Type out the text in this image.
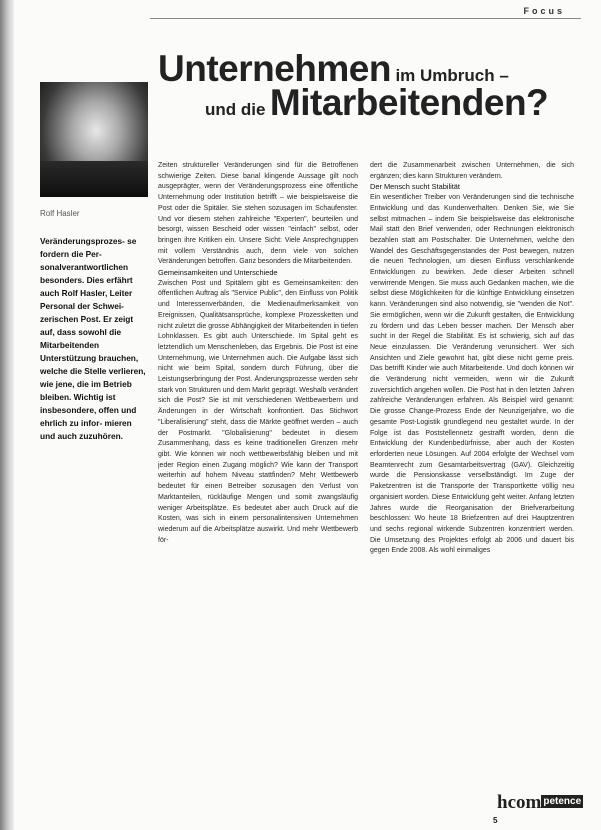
Focus
Unternehmen im Umbruch –
und die Mitarbeitenden?
Rolf Hasler
Veränderungsprozes- se fordern die Per- sonalverantwortlichen besonders. Dies erfährt auch Rolf Hasler, Leiter Personal der Schwei- zerischen Post. Er zeigt auf, dass sowohl die Mitarbeitenden Unterstützung brauchen, welche die Stelle verlieren, wie jene, die im Betrieb bleiben. Wichtig ist insbesondere, offen und ehrlich zu infor- mieren und auch zuzuhören.

Zeiten struktureller Veränderungen sind für die Betroffenen schwierige Zeiten. Diese banal klingende Aussage gilt noch ausgeprägter, wenn der Veränderungsprozess eine öffentliche Unternehmung oder Institution betrifft – wie beispielsweise die Post oder die Spitäler. Sie stehen sozusagen im Schaufenster. Und vor diesem stehen zahlreiche "Experten", beurteilen und besorgt, wissen Bescheid oder wissen "einfach" selbst, oder bringen ihre Kritiken ein. Unsere Sicht: Viele Ansprechgruppen mit vollem Verständnis auch, denn viele von solchen Veränderungen betroffen. Ganz besonders die Mitarbeitenden.

Gemeinsamkeiten und Unterschiede

Zwischen Post und Spitälern gibt es Gemeinsamkeiten: den öffentlichen Auftrag als "Service Public", den Einfluss von Politik und Interessenverbänden, die Medienaufmerksamkeit von Ereignissen, Qualitätsansprüche, komplexe Prozessketten und nicht zuletzt die grosse Abhängigkeit der Mitarbeitenden in tiefen Lohnklassen. Es gibt auch Unterschiede. Im Spital geht es letztendlich um Menschenleben, das Ergebnis. Die Post ist eine Unternehmung, wie Unternehmen auch. Die Aufgabe lässt sich nicht wie beim Spital, sondern durch Führung, über die Leistungserbringung der Post. Änderungsprozesse werden sehr stark von Strukturen und dem Markt geprägt. Weshalb verändert sich die Post? Sie ist mit verschiedenen Wettbewerbern und Änderungen in der Wirtschaft konfrontiert. Das Stichwort "Liberalisierung" steht, dass die Märkte geöffnet werden – auch der Postmarkt. "Globalisierung" bedeutet in diesem Zusammenhang, dass es keine traditionellen Grenzen mehr gibt. Wie können wir noch wettbewerbsfähig bleiben und mit jeder Region einen Zugang möglich? Wie kann der Transport weiterhin auf hohem Niveau stattfinden? Mehr Wettbewerb bedeutet für einen Betreiber sozusagen den Verlust von Marktanteilen, rückläufige Mengen und somit zwangsläufig weniger Arbeitsplätze. Es bedeutet aber auch Druck auf die Kosten, was sich in einem personalintensiven Unternehmen wiederum auf die Arbeitsplätze auswirkt. Und mehr Wettbewerb för-

dert die Zusammenarbeit zwischen Unternehmen, die sich ergänzen; dies kann Strukturen verändern.

Der Mensch sucht Stabilität

Ein wesentlicher Treiber von Veränderungen sind die technische Entwicklung und das Kundenverhalten. Denken Sie, wie Sie selbst mitmachen – indem Sie beispielsweise das elektronische Mail statt den Brief verwenden, oder Rechnungen elektronisch bezahlen statt am Postschalter. Die Unternehmen, welche den Wandel des Geschäftsgegenstandes der Post bewegen, nutzen die neuen Technologien, um diesen Einfluss verschlankende Entwicklungen zu bewirken. Jede dieser Arbeiten schnell verwirrende Mengen. Sie muss auch Gedanken machen, wie die selbst diese Möglichkeiten für die künftige Entwicklung einsetzen kann. Veränderungen sind also notwendig, sie "wenden die Not". Sie ermöglichen, wenn wir die Zukunft gestalten, die Entwicklung zu fördern und das Leben besser machen. Der Mensch aber sucht in der Regel die Stabilität. Es ist schwierig, sich auf das Neue einzulassen. Die Veränderung verunsichert. Wer sich Ansichten und Ziele gewohnt hat, gibt diese nicht gerne preis. Das betrifft Kinder wie auch Mitarbeitende. Und doch können wir die Veränderung nicht vermeiden, wenn wir die Zukunft zuversichtlich angehen wollen. Die Post hat in den letzten Jahren zahlreiche Veränderungen erfahren. Als Beispiel wird genannt: Die grosse Change-Prozess Ende der Neunzigerjahre, wo die gesamte Post-Logistik grundlegend neu gestaltet wurde. In der Folge ist das Poststellennetz gestrafft worden, denn die Entwicklung der Kundenbedürfnisse, aber auch der Kosten erforderten neue Lösungen. Auf 2004 erfolgte der Wechsel vom Beamtenrecht zum Gesamtarbeitsvertrag (GAV). Gleichzeitig wurde die Pensionskasse verselbständigt. Im Zuge der Paketzentren ist die Transporte der Transportkette völlig neu organisiert worden. Diese Entwicklung geht weiter. Anfang letzten Jahres wurde die Reorganisation der Briefverarbeitung beschlossen: Wo heute 18 Briefzentren auf drei Hauptzentren und sechs regional wirkende Subzentren konzentriert werden. Die Umsetzung des Projektes erfolgt ab 2006 und dauert bis gegen Ende 2008. Als wohl einmaliges

hcom $^{petence}$
5
